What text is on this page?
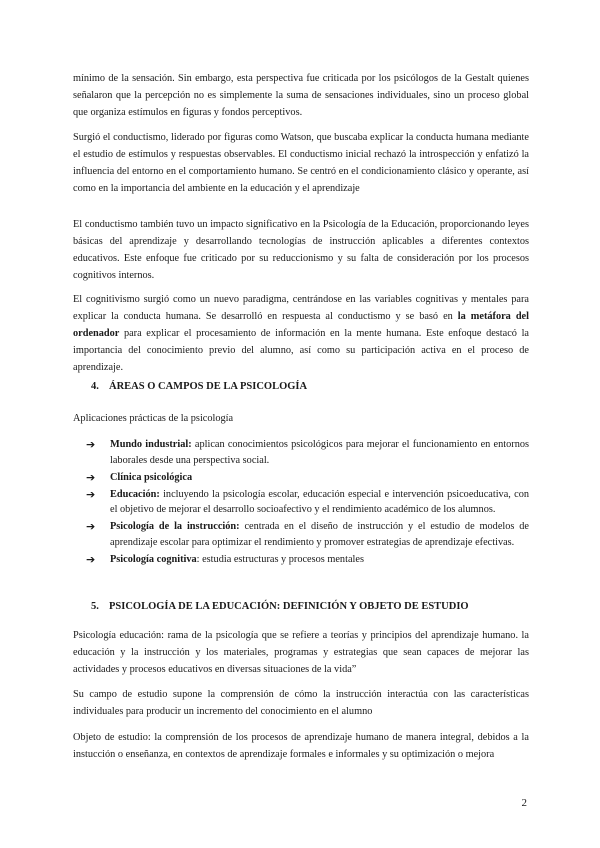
mínimo de la sensación. Sin embargo, esta perspectiva fue criticada por los psicólogos de la Gestalt quienes señalaron que la percepción no es simplemente la suma de sensaciones individuales, sino un proceso global que organiza estímulos en figuras y fondos perceptivos.

Surgió el conductismo, liderado por figuras como Watson, que buscaba explicar la conducta humana mediante el estudio de estímulos y respuestas observables. El conductismo inicial rechazó la introspección y enfatizó la influencia del entorno en el comportamiento humano. Se centró en el condicionamiento clásico y operante, así como en la importancia del ambiente en la educación y el aprendizaje

El conductismo también tuvo un impacto significativo en la Psicología de la Educación, proporcionando leyes básicas del aprendizaje y desarrollando tecnologías de instrucción aplicables a diferentes contextos educativos. Este enfoque fue criticado por su reduccionismo y su falta de consideración por los procesos cognitivos internos.

El cognitivismo surgió como un nuevo paradigma, centrándose en las variables cognitivas y mentales para explicar la conducta humana. Se desarrolló en respuesta al conductismo y se basó en la metáfora del ordenador para explicar el procesamiento de información en la mente humana. Este enfoque destacó la importancia del conocimiento previo del alumno, así como su participación activa en el proceso de aprendizaje.

4. ÁREAS O CAMPOS DE LA PSICOLOGÍA

Aplicaciones prácticas de la psicología

➔ Mundo industrial: aplican conocimientos psicológicos para mejorar el funcionamiento en entornos laborales desde una perspectiva social.
➔ Clínica psicológica
➔ Educación: incluyendo la psicología escolar, educación especial e intervención psicoeducativa, con el objetivo de mejorar el desarrollo socioafectivo y el rendimiento académico de los alumnos.
➔ Psicología de la instrucción: centrada en el diseño de instrucción y el estudio de modelos de aprendizaje escolar para optimizar el rendimiento y promover estrategias de aprendizaje efectivas.
➔ Psicología cognitiva: estudia estructuras y procesos mentales
5. PSICOLOGÍA DE LA EDUCACIÓN: DEFINICIÓN Y OBJETO DE ESTUDIO

Psicología educación: rama de la psicología que se refiere a teorías y principios del aprendizaje humano. la educación y la instrucción y los materiales, programas y estrategias que sean capaces de mejorar las actividades y procesos educativos en diversas situaciones de la vida”

Su campo de estudio supone la comprensión de cómo la instrucción interactúa con las características individuales para producir un incremento del conocimiento en el alumno

Objeto de estudio: la comprensión de los procesos de aprendizaje humano de manera integral, debidos a la instucción o enseñanza, en contextos de aprendizaje formales e informales y su optimización o mejora

2
